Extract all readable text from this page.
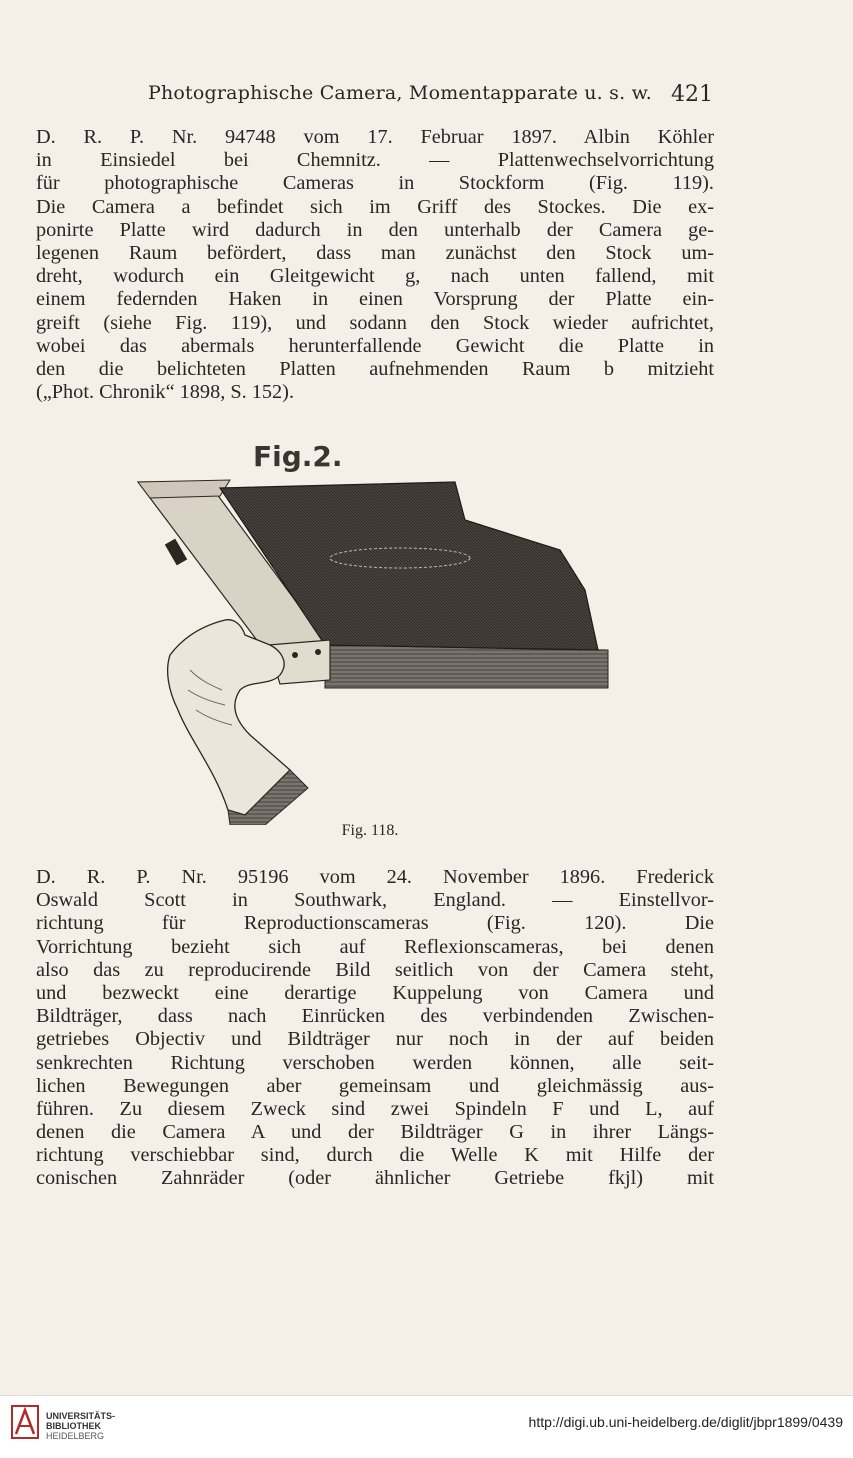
Photographische Camera, Momentapparate u. s. w. 421
D. R. P. Nr. 94748 vom 17. Februar 1897. Albin Köhler
in Einsiedel bei Chemnitz. — Plattenwechselvorrichtung
für photographische Cameras in Stockform (Fig. 119).
Die Camera a befindet sich im Griff des Stockes. Die ex-
ponirte Platte wird dadurch in den unterhalb der Camera ge-
legenen Raum befördert, dass man zunächst den Stock um-
dreht, wodurch ein Gleitgewicht g, nach unten fallend, mit
einem federnden Haken in einen Vorsprung der Platte ein-
greift (siehe Fig. 119), und sodann den Stock wieder aufrichtet,
wobei das abermals herunterfallende Gewicht die Platte in
den die belichteten Platten aufnehmenden Raum b mitzieht
(„Phot. Chronik“ 1898, S. 152).
Fig.2.
Fig. 118.
D. R. P. Nr. 95196 vom 24. November 1896. Frederick
Oswald Scott in Southwark, England. — Einstellvor-
richtung für Reproductionscameras (Fig. 120). Die
Vorrichtung bezieht sich auf Reflexionscameras, bei denen
also das zu reproducirende Bild seitlich von der Camera steht,
und bezweckt eine derartige Kuppelung von Camera und
Bildträger, dass nach Einrücken des verbindenden Zwischen-
getriebes Objectiv und Bildträger nur noch in der auf beiden
senkrechten Richtung verschoben werden können, alle seit-
lichen Bewegungen aber gemeinsam und gleichmässig aus-
führen. Zu diesem Zweck sind zwei Spindeln F und L, auf
denen die Camera A und der Bildträger G in ihrer Längs-
richtung verschiebbar sind, durch die Welle K mit Hilfe der
conischen Zahnräder (oder ähnlicher Getriebe fkjl) mit
UNIVERSITÄTS-
BIBLIOTHEK
HEIDELBERG
http://digi.ub.uni-heidelberg.de/diglit/jbpr1899/0439
